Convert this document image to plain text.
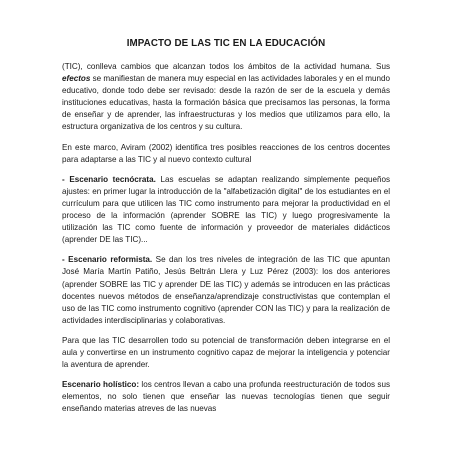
IMPACTO DE LAS TIC EN LA EDUCACIÓN

(TIC), conlleva cambios que alcanzan todos los ámbitos de la actividad humana. Sus efectos se manifiestan de manera muy especial en las actividades laborales y en el mundo educativo, donde todo debe ser revisado: desde la razón de ser de la escuela y demás instituciones educativas, hasta la formación básica que precisamos las personas, la forma de enseñar y de aprender, las infraestructuras y los medios que utilizamos para ello, la estructura organizativa de los centros y su cultura.

En este marco, Aviram (2002) identifica tres posibles reacciones de los centros docentes para adaptarse a las TIC y al nuevo contexto cultural

- Escenario tecnócrata. Las escuelas se adaptan realizando simplemente pequeños ajustes: en primer lugar la introducción de la "alfabetización digital" de los estudiantes en el currículum para que utilicen las TIC como instrumento para mejorar la productividad en el proceso de la información (aprender SOBRE las TIC) y luego progresivamente la utilización las TIC como fuente de información y proveedor de materiales didácticos (aprender DE las TIC)...

- Escenario reformista. Se dan los tres niveles de integración de las TIC que apuntan José María Martín Patiño, Jesús Beltrán Llera y Luz Pérez (2003): los dos anteriores (aprender SOBRE las TIC y aprender DE las TIC) y además se introducen en las prácticas docentes nuevos métodos de enseñanza/aprendizaje constructivistas que contemplan el uso de las TIC como instrumento cognitivo (aprender CON las TIC) y para la realización de actividades interdisciplinarias y colaborativas.

Para que las TIC desarrollen todo su potencial de transformación deben integrarse en el aula y convertirse en un instrumento cognitivo capaz de mejorar la inteligencia y potenciar la aventura de aprender.

Escenario holístico: los centros llevan a cabo una profunda reestructuración de todos sus elementos, no solo tienen que enseñar las nuevas tecnologías tienen que seguir enseñando materias atreves de las nuevas
